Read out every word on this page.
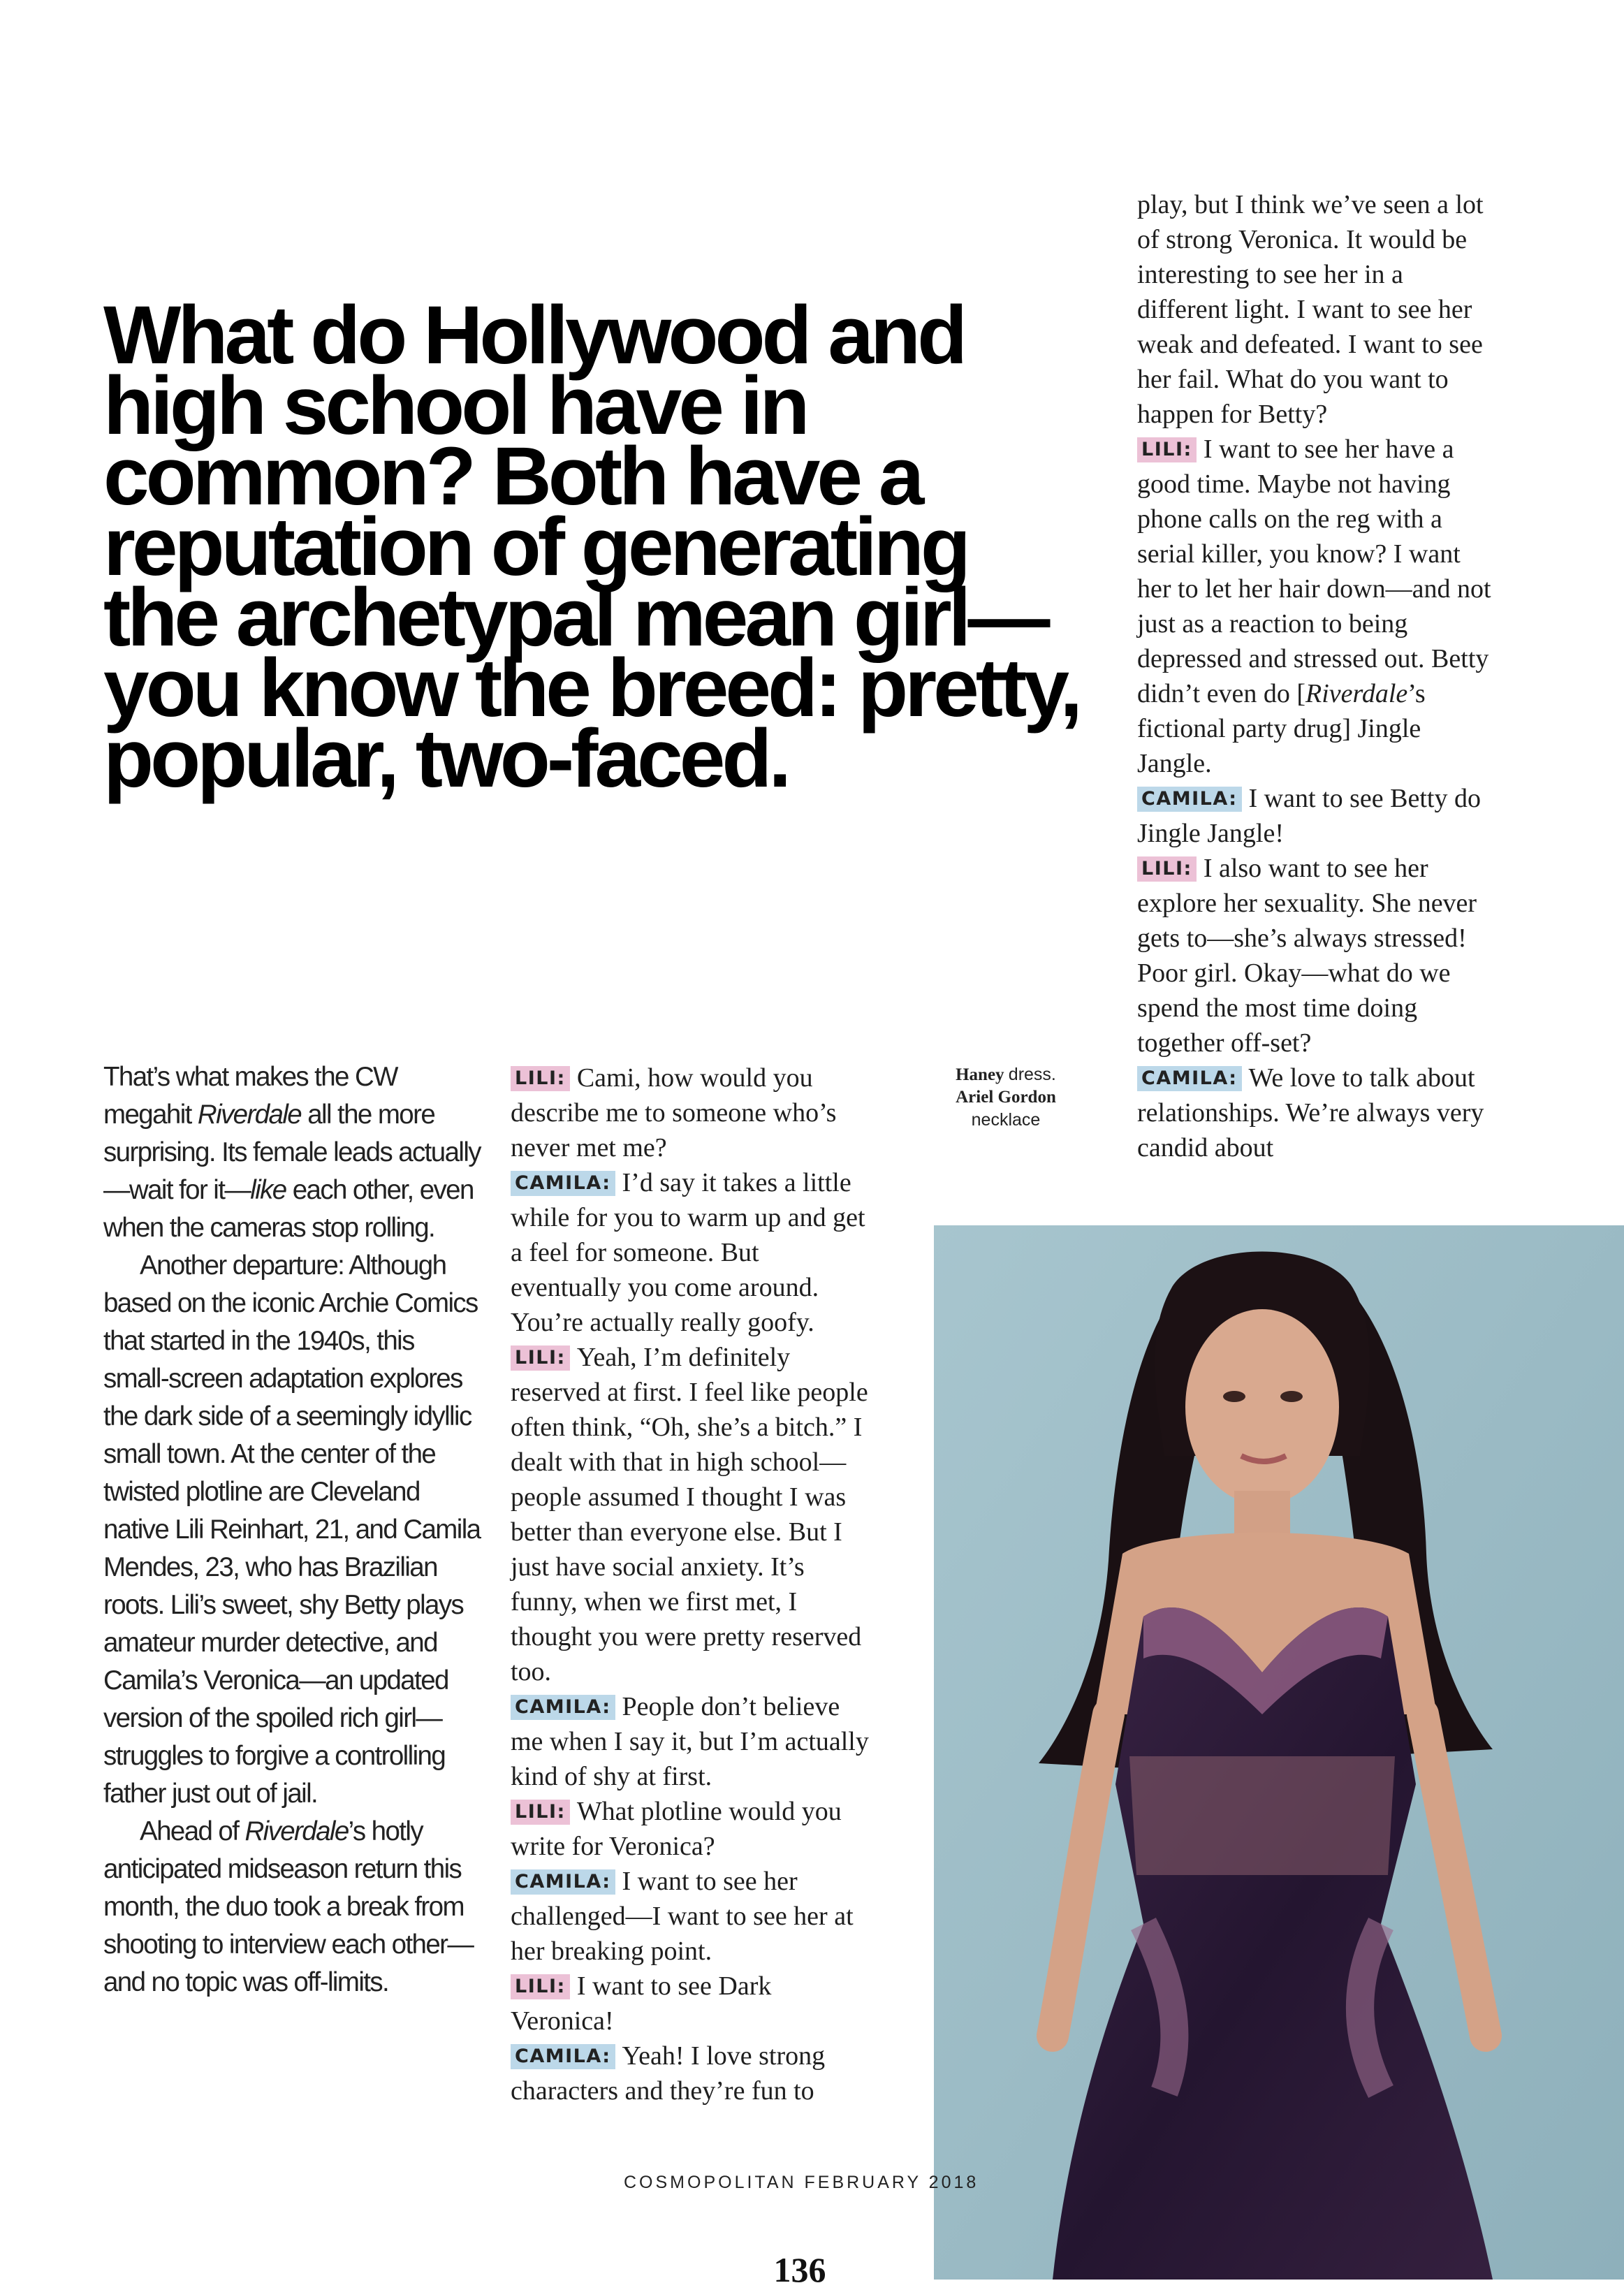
What do Hollywood and high school have in common? Both have a reputation of generating the archetypal mean girl—you know the breed: pretty, popular, two-faced.

That’s what makes the CW megahit Riverdale all the more surprising. Its female leads actually—wait for it—like each other, even when the cameras stop rolling.

Another departure: Although based on the iconic Archie Comics that started in the 1940s, this small-screen adaptation explores the dark side of a seemingly idyllic small town. At the center of the twisted plotline are Cleveland native Lili Reinhart, 21, and Camila Mendes, 23, who has Brazilian roots. Lili’s sweet, shy Betty plays amateur murder detective, and Camila’s Veronica—an updated version of the spoiled rich girl—struggles to forgive a controlling father just out of jail.

Ahead of Riverdale’s hotly anticipated midseason return this month, the duo took a break from shooting to interview each other—and no topic was off-limits.

LILI: Cami, how would you describe me to someone who’s never met me?

CAMILA: I’d say it takes a little while for you to warm up and get a feel for someone. But eventually you come around. You’re actually really goofy.

LILI: Yeah, I’m definitely reserved at first. I feel like people often think, “Oh, she’s a bitch.” I dealt with that in high school—people assumed I thought I was better than everyone else. But I just have social anxiety. It’s funny, when we first met, I thought you were pretty reserved too.

CAMILA: People don’t believe me when I say it, but I’m actually kind of shy at first.

LILI: What plotline would you write for Veronica?

CAMILA: I want to see her challenged—I want to see her at her breaking point.

LILI: I want to see Dark Veronica!

CAMILA: Yeah! I love strong characters and they’re fun to

play, but I think we’ve seen a lot of strong Veronica. It would be interesting to see her in a different light. I want to see her weak and defeated. I want to see her fail. What do you want to happen for Betty?

LILI: I want to see her have a good time. Maybe not having phone calls on the reg with a serial killer, you know? I want her to let her hair down—and not just as a reaction to being depressed and stressed out. Betty didn’t even do [Riverdale’s fictional party drug] Jingle Jangle.

CAMILA: I want to see Betty do Jingle Jangle!

LILI: I also want to see her explore her sexuality. She never gets to—she’s always stressed! Poor girl. Okay—what do we spend the most time doing together off-set?

CAMILA: We love to talk about relationships. We’re always very candid about

Haney dress.
Ariel Gordon
necklace
COSMOPOLITAN FEBRUARY 2018
136
